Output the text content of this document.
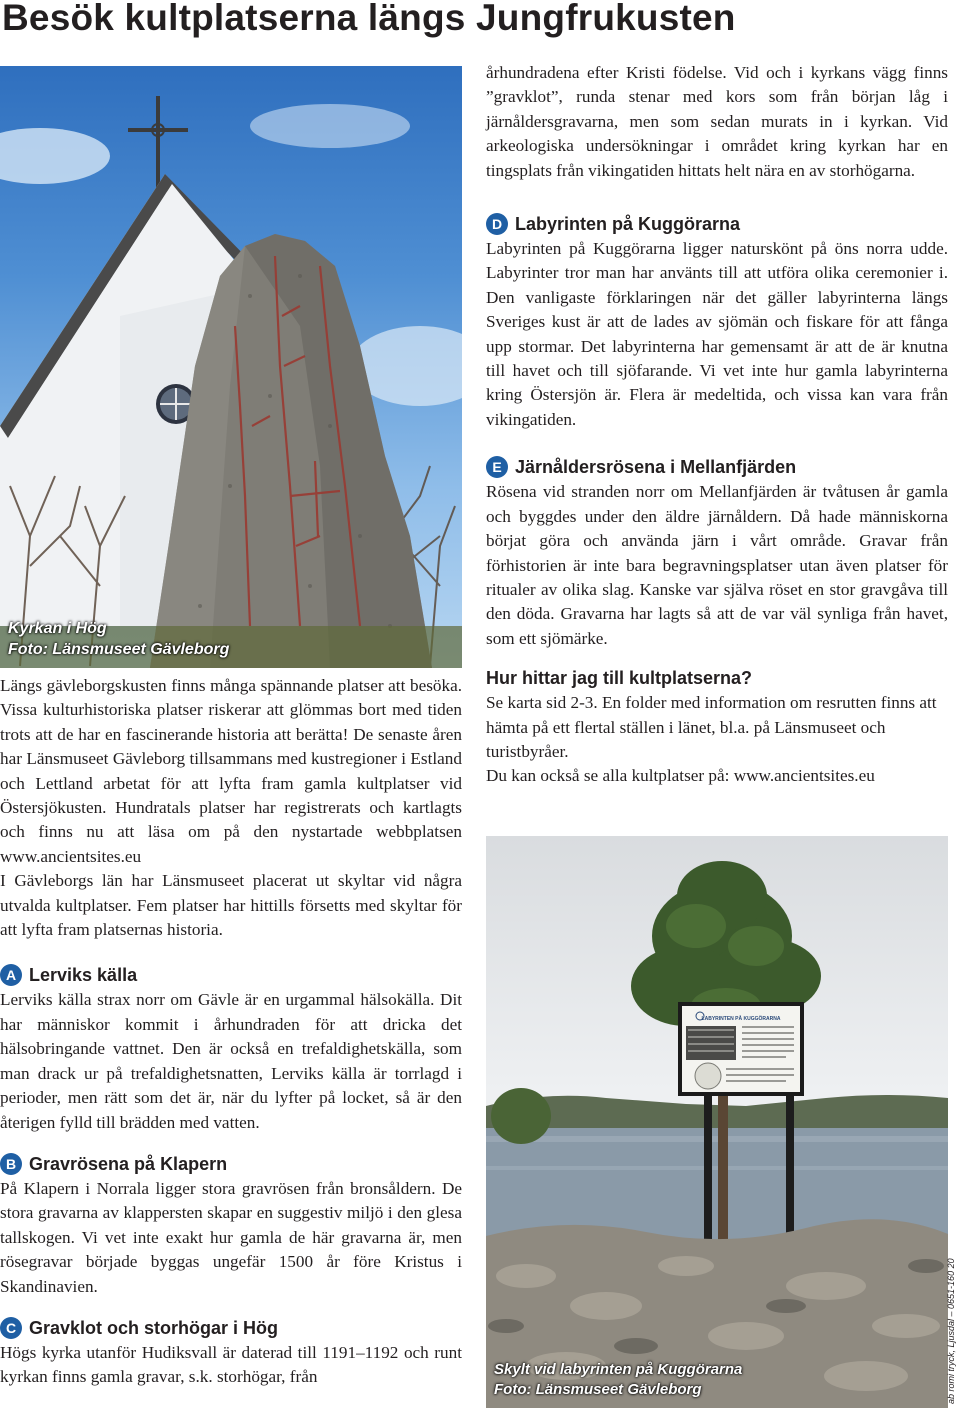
Besök kultplatserna längs Jungfrukusten
Kyrkan i Hög
Foto: Länsmuseet Gävleborg

Längs gävleborgskusten finns många spännande platser att besöka. Vissa kulturhistoriska platser riskerar att glömmas bort med tiden trots att de har en fascinerande historia att berätta! De senaste åren har Länsmuseet Gävleborg tillsammans med kustregioner i Estland och Lettland arbetat för att lyfta fram gamla kultplatser vid Östersjökusten. Hundratals platser har registrerats och kartlagts och finns nu att läsa om på den nystartade webbplatsen www.ancientsites.eu

I Gävleborgs län har Länsmuseet placerat ut skyltar vid några utvalda kultplatser. Fem platser har hittills försetts med skyltar för att lyfta fram platsernas historia.

A Lerviks källa

Lerviks källa strax norr om Gävle är en urgammal hälsokälla. Dit har människor kommit i århundraden för att dricka det hälsobringande vattnet. Den är också en trefaldighetskälla, som man drack ur på trefaldighetsnatten, Lerviks källa är torrlagd i perioder, men rätt som det är, när du lyfter på locket, så är den återigen fylld till brädden med vatten.

B Gravrösena på Klapern

På Klapern i Norrala ligger stora gravrösen från bronsåldern. De stora gravarna av klappersten skapar en suggestiv miljö i den glesa tallskogen. Vi vet inte exakt hur gamla de här gravarna är, men rösegravar började byggas ungefär 1500 år före Kristus i Skandinavien.

C Gravklot och storhögar i Hög

Högs kyrka utanför Hudiksvall är daterad till 1191–1192 och runt kyrkan finns gamla gravar, s.k. storhögar, från

århundradena efter Kristi födelse. Vid och i kyrkans vägg finns ”gravklot”, runda stenar med kors som från början låg i järnåldersgravarna, men som sedan murats in i kyrkan. Vid arkeologiska undersökningar i området kring kyrkan har en tingsplats från vikingatiden hittats helt nära en av storhögarna.

D Labyrinten på Kuggörarna

Labyrinten på Kuggörarna ligger naturskönt på öns norra udde. Labyrinter tror man har använts till att utföra olika ceremonier i. Den vanligaste förklaringen när det gäller labyrinterna längs Sveriges kust är att de lades av sjömän och fiskare för att fånga upp stormar. Det labyrinterna har gemensamt är att de är knutna till havet och till sjöfarande. Vi vet inte hur gamla labyrinterna kring Östersjön är. Flera är medeltida, och vissa kan vara från vikingatiden.

E Järnåldersrösena i Mellanfjärden

Rösena vid stranden norr om Mellanfjärden är tvåtusen år gamla och byggdes under den äldre järnåldern. Då hade människorna börjat göra och använda järn i vårt område. Gravar från förhistorien är inte bara begravningsplatser utan även platser för ritualer av olika slag. Kanske var själva röset en stor gravgåva till den döda. Gravarna har lagts så att de var väl synliga från havet, som ett sjömärke.

Hur hittar jag till kultplatserna?

Se karta sid 2-3. En folder med information om resrutten finns att hämta på ett flertal ställen i länet, bl.a. på Länsmuseet och turistbyråer.

Du kan också se alla kultplatser på: www.ancientsites.eu

LABYRINTEN PÅ KUGGÖRARNA
Skylt vid labyrinten på Kuggörarna
Foto: Länsmuseet Gävleborg	ab romi tryck, Ljusdal – 0651-160 20
